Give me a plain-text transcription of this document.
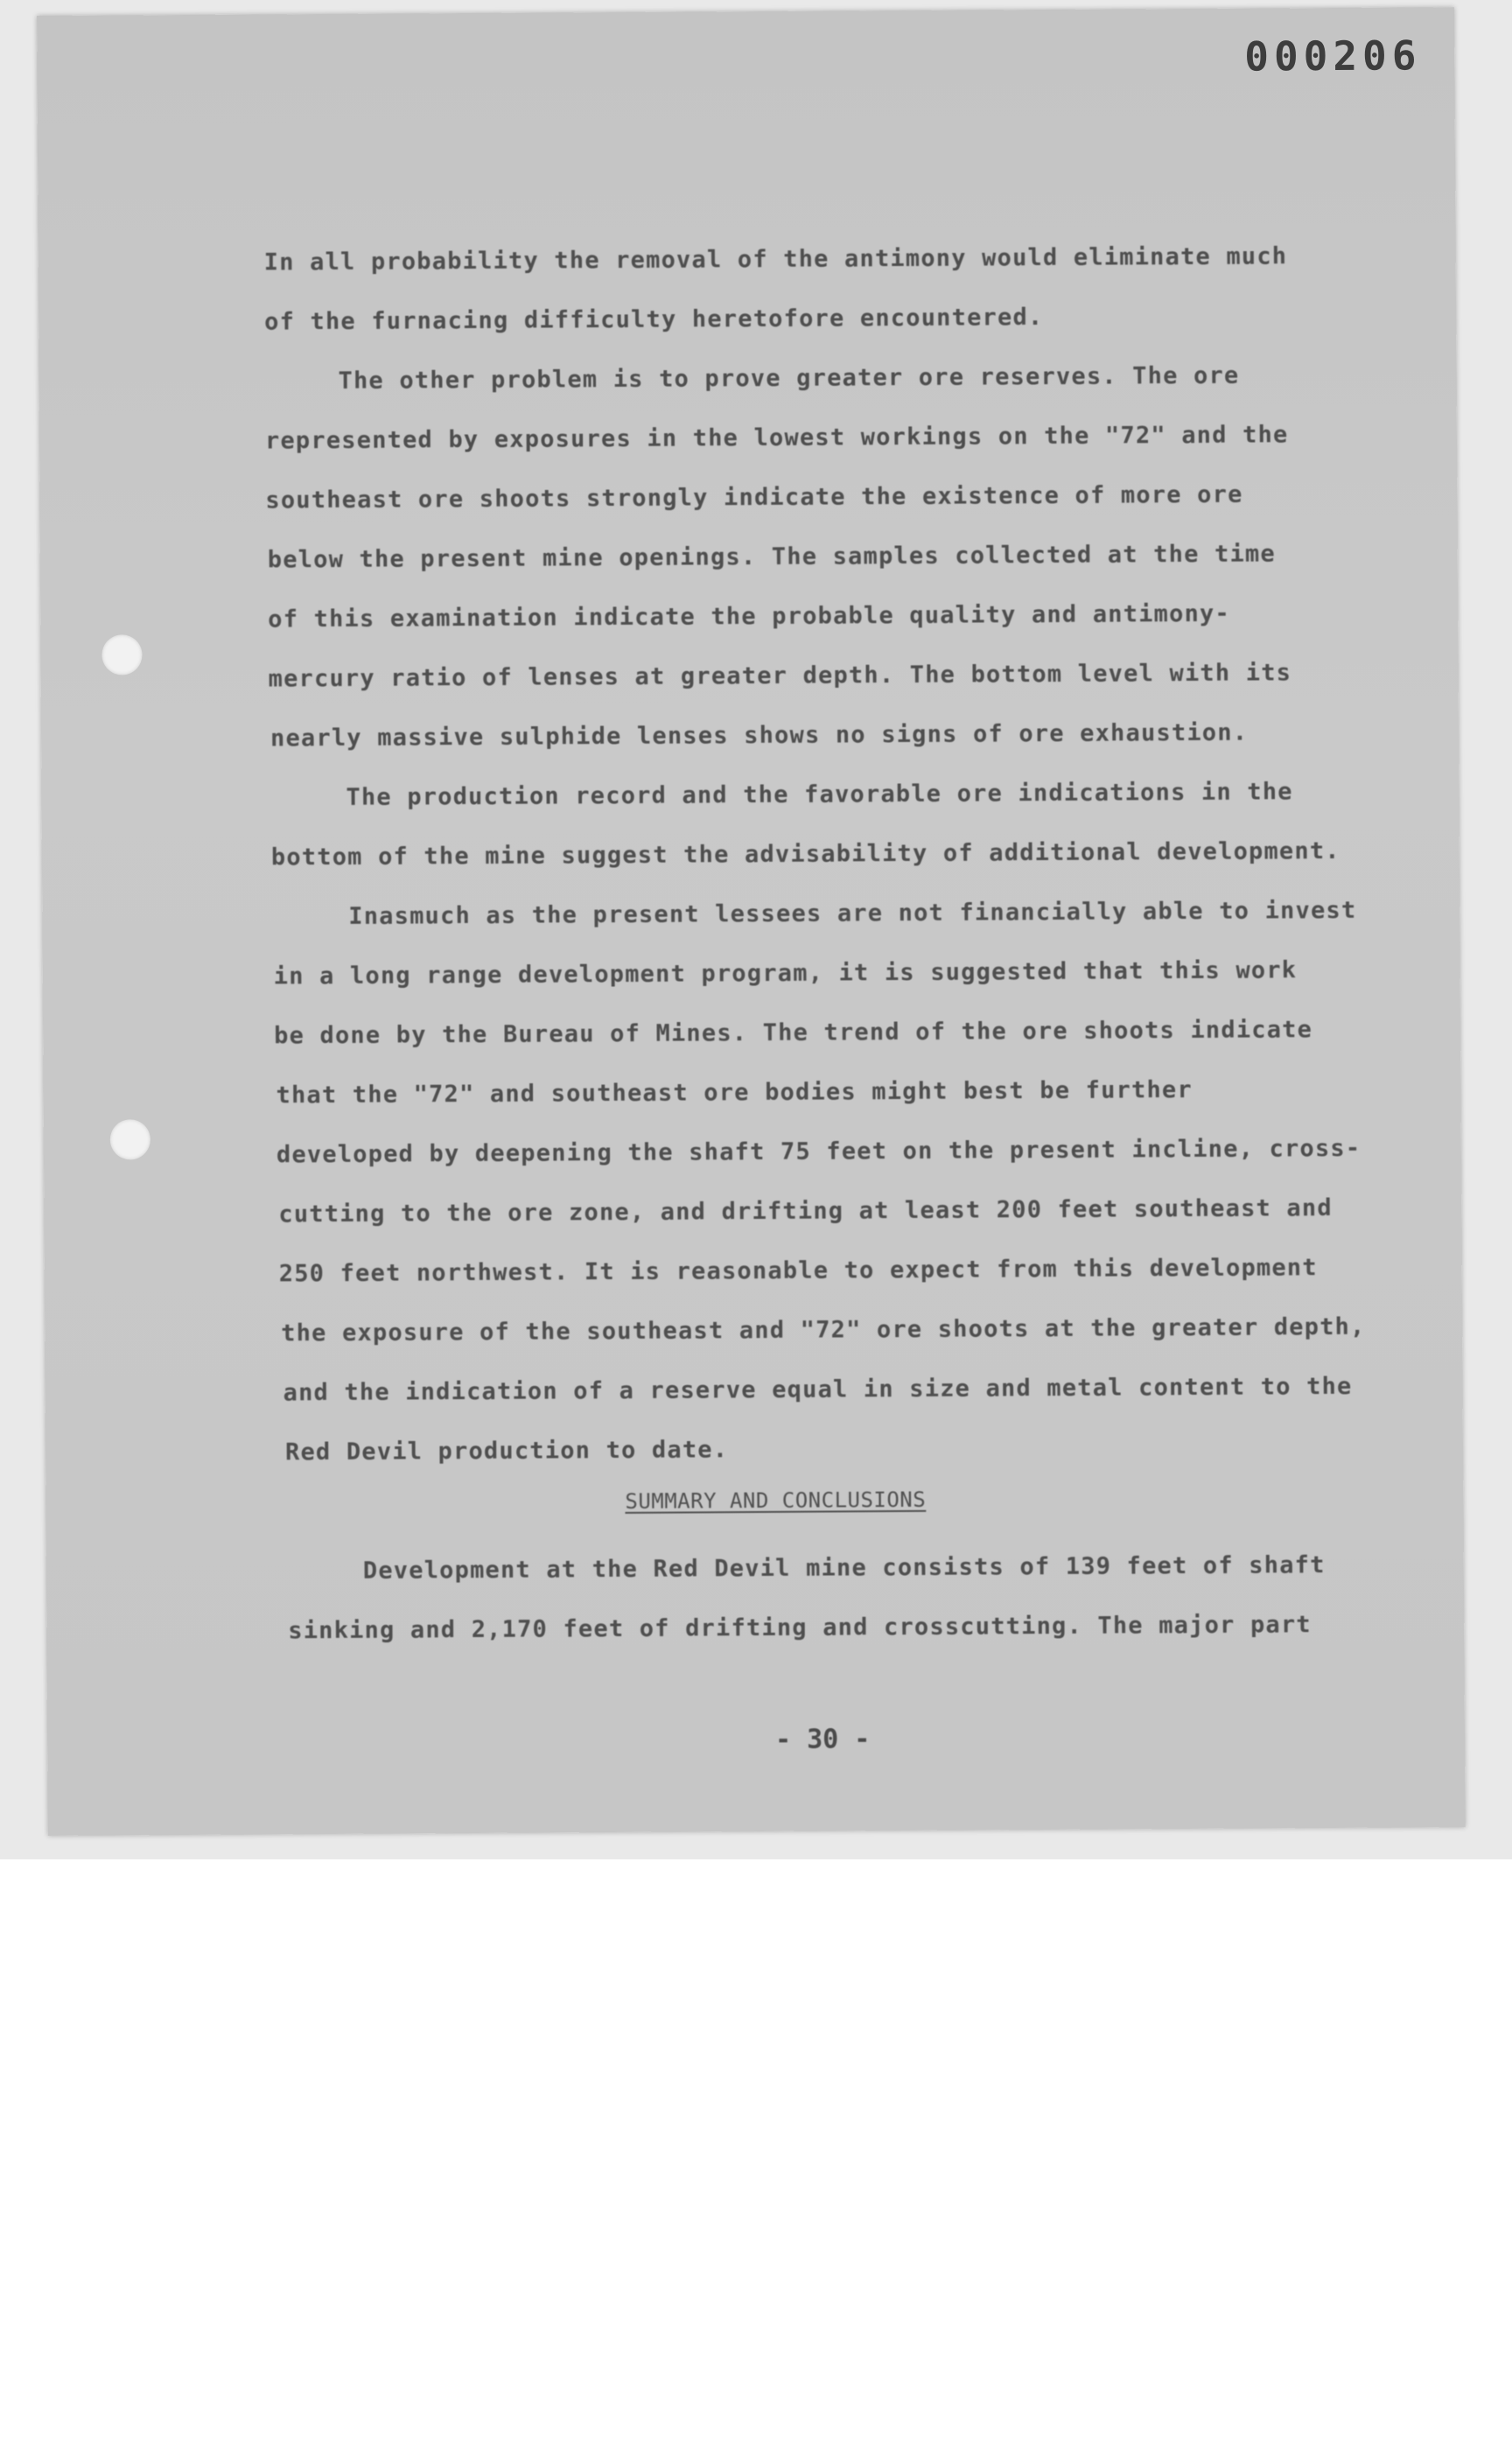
000206

In all probability the removal of the antimony would eliminate much

of the furnacing difficulty heretofore encountered.

The other problem is to prove greater ore reserves. The ore

represented by exposures in the lowest workings on the "72" and the

southeast ore shoots strongly indicate the existence of more ore

below the present mine openings. The samples collected at the time

of this examination indicate the probable quality and antimony-

mercury ratio of lenses at greater depth. The bottom level with its

nearly massive sulphide lenses shows no signs of ore exhaustion.

The production record and the favorable ore indications in the

bottom of the mine suggest the advisability of additional development.

Inasmuch as the present lessees are not financially able to invest

in a long range development program, it is suggested that this work

be done by the Bureau of Mines. The trend of the ore shoots indicate

that the "72" and southeast ore bodies might best be further

developed by deepening the shaft 75 feet on the present incline, cross-

cutting to the ore zone, and drifting at least 200 feet southeast and

250 feet northwest. It is reasonable to expect from this development

the exposure of the southeast and "72" ore shoots at the greater depth,

and the indication of a reserve equal in size and metal content to the

Red Devil production to date.

SUMMARY AND CONCLUSIONS

Development at the Red Devil mine consists of 139 feet of shaft

sinking and 2,170 feet of drifting and crosscutting. The major part

- 30 -
